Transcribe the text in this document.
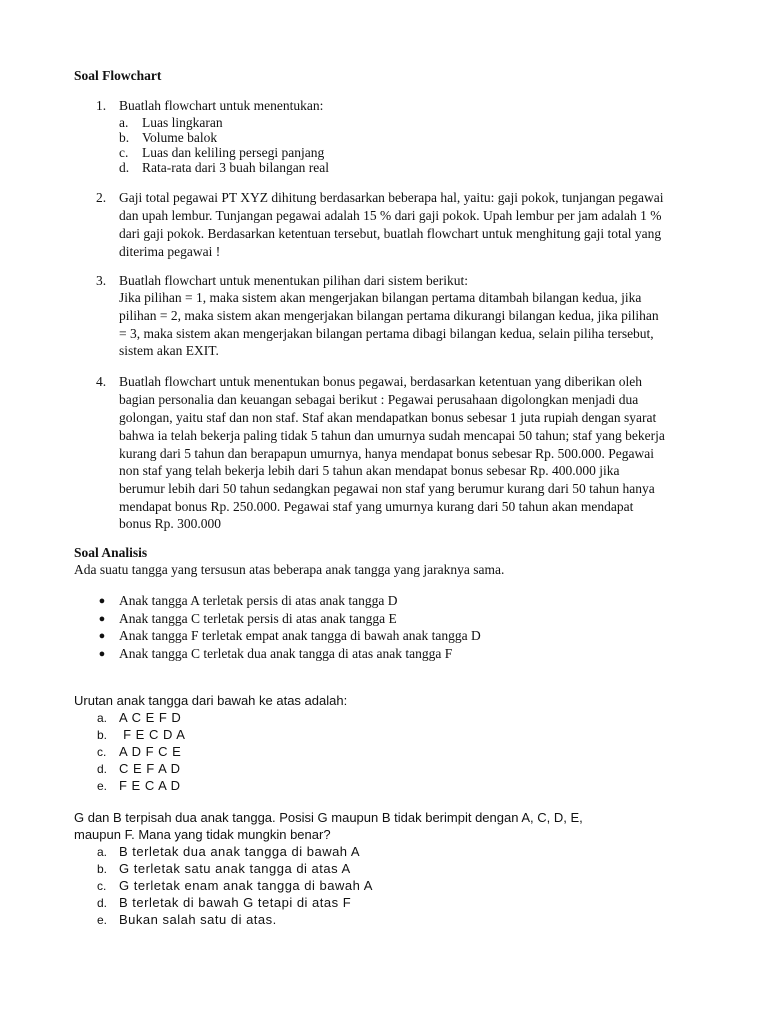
Soal Flowchart
1. Buatlah flowchart untuk menentukan:
a. Luas lingkaran
b. Volume balok
c. Luas dan keliling persegi panjang
d. Rata-rata dari 3 buah bilangan real
2. Gaji total pegawai PT XYZ dihitung berdasarkan beberapa hal, yaitu: gaji pokok, tunjangan pegawai
dan upah lembur. Tunjangan pegawai adalah 15 % dari gaji pokok. Upah lembur per jam adalah 1 %
dari gaji pokok. Berdasarkan ketentuan tersebut, buatlah flowchart untuk menghitung gaji total yang
diterima pegawai !
3. Buatlah flowchart untuk menentukan pilihan dari sistem berikut:
Jika pilihan = 1, maka sistem akan mengerjakan bilangan pertama ditambah bilangan kedua, jika
pilihan = 2, maka sistem akan mengerjakan bilangan pertama dikurangi bilangan kedua, jika pilihan
= 3, maka sistem akan mengerjakan bilangan pertama dibagi bilangan kedua, selain piliha tersebut,
sistem akan EXIT.
4. Buatlah flowchart untuk menentukan bonus pegawai, berdasarkan ketentuan yang diberikan oleh
bagian personalia dan keuangan sebagai berikut : Pegawai perusahaan digolongkan menjadi dua
golongan, yaitu staf dan non staf. Staf akan mendapatkan bonus sebesar 1 juta rupiah dengan syarat
bahwa ia telah bekerja paling tidak 5 tahun dan umurnya sudah mencapai 50 tahun; staf yang bekerja
kurang dari 5 tahun dan berapapun umurnya, hanya mendapat bonus sebesar Rp. 500.000. Pegawai
non staf yang telah bekerja lebih dari 5 tahun akan mendapat bonus sebesar Rp. 400.000 jika
berumur lebih dari 50 tahun sedangkan pegawai non staf yang berumur kurang dari 50 tahun hanya
mendapat bonus Rp. 250.000. Pegawai staf yang umurnya kurang dari 50 tahun akan mendapat
bonus Rp. 300.000
Soal Analisis
Ada suatu tangga yang tersusun atas beberapa anak tangga yang jaraknya sama.
● Anak tangga A terletak persis di atas anak tangga D
● Anak tangga C terletak persis di atas anak tangga E
● Anak tangga F terletak empat anak tangga di bawah anak tangga D
● Anak tangga C terletak dua anak tangga di atas anak tangga F
Urutan anak tangga dari bawah ke atas adalah:
a. A C E F D
b. F E C D A
c. A D F C E
d. C E F A D
e. F E C A D
G dan B terpisah dua anak tangga. Posisi G maupun B tidak berimpit dengan A, C, D, E,
maupun F. Mana yang tidak mungkin benar?
a. B terletak dua anak tangga di bawah A
b. G terletak satu anak tangga di atas A
c. G terletak enam anak tangga di bawah A
d. B terletak di bawah G tetapi di atas F
e. Bukan salah satu di atas.
